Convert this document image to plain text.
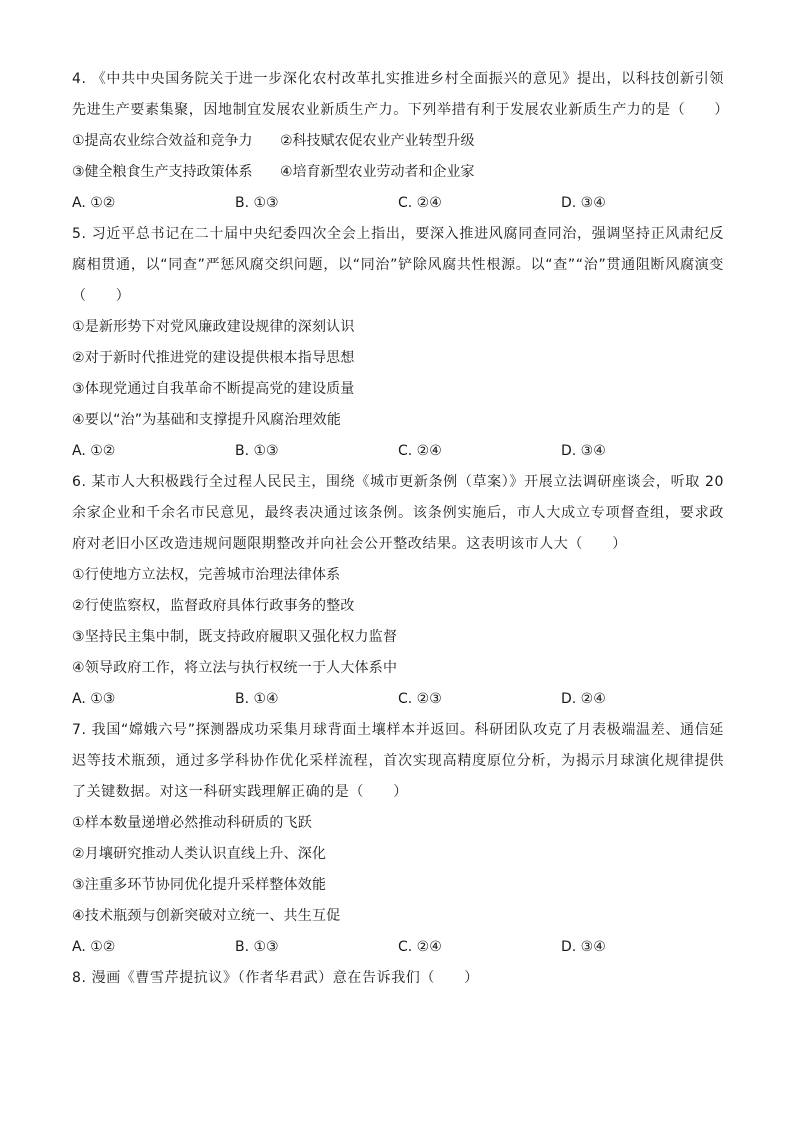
4. 《中共中央国务院关于进一步深化农村改革扎实推进乡村全面振兴的意见》提出，以科技创新引领先进生产要素集聚，因地制宜发展农业新质生产力。下列举措有利于发展农业新质生产力的是（　　）

①提高农业综合效益和竞争力	②科技赋农促农业产业转型升级
③健全粮食生产支持政策体系	④培育新型农业劳动者和企业家
A. ①②	B. ①③	C. ②④	D. ③④

5. 习近平总书记在二十届中央纪委四次全会上指出，要深入推进风腐同查同治，强调坚持正风肃纪反腐相贯通，以“同查”严惩风腐交织问题，以“同治”铲除风腐共性根源。以“查”“治”贯通阻断风腐演变（　　）

①是新形势下对党风廉政建设规律的深刻认识

②对于新时代推进党的建设提供根本指导思想

③体现党通过自我革命不断提高党的建设质量

④要以“治”为基础和支撑提升风腐治理效能

A. ①②	B. ①③	C. ②④	D. ③④

6. 某市人大积极践行全过程人民民主，围绕《城市更新条例（草案）》开展立法调研座谈会，听取 20 余家企业和千余名市民意见，最终表决通过该条例。该条例实施后，市人大成立专项督查组，要求政府对老旧小区改造违规问题限期整改并向社会公开整改结果。这表明该市人大（　　）

①行使地方立法权，完善城市治理法律体系

②行使监察权，监督政府具体行政事务的整改

③坚持民主集中制，既支持政府履职又强化权力监督

④领导政府工作，将立法与执行权统一于人大体系中

A. ①③	B. ①④	C. ②③	D. ②④

7. 我国“嫦娥六号”探测器成功采集月球背面土壤样本并返回。科研团队攻克了月表极端温差、通信延迟等技术瓶颈，通过多学科协作优化采样流程，首次实现高精度原位分析，为揭示月球演化规律提供了关键数据。对这一科研实践理解正确的是（　　）

①样本数量递增必然推动科研质的飞跃

②月壤研究推动人类认识直线上升、深化

③注重多环节协同优化提升采样整体效能

④技术瓶颈与创新突破对立统一、共生互促

A. ①②	B. ①③	C. ②④	D. ③④

8. 漫画《曹雪芹提抗议》（作者华君武）意在告诉我们（　　）
